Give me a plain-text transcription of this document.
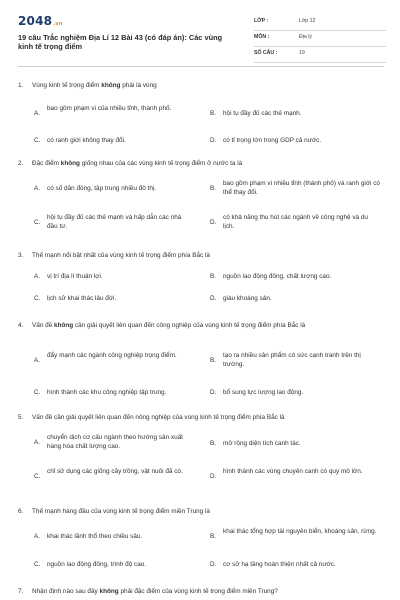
2048.vn
19 câu Trắc nghiệm Địa Lí 12 Bài 43 (có đáp án): Các vùng kinh tế trọng điểm
LỚP :	Lớp 12
MÔN :	Địa lý
SỐ CÂU :	19
1. Vùng kinh tế trọng điểm không phải là vùng
A.
bao gồm phạm vi của nhiều tỉnh, thành phố.
B. hội tụ đầy đủ các thế mạnh.
C. có ranh giới không thay đổi.	D. có tỉ trọng lớn trong GDP cả nước.
2. Đặc điểm không giống nhau của các vùng kinh tế trọng điểm ở nước ta là
A. có số dân đông, tập trung nhiều đô thị.	B.
bao gồm phạm vi nhiều tỉnh (thành phố) và ranh giới có thể thay đổi.
C.
hội tụ đầy đủ các thế mạnh và hấp dẫn các nhà đầu tư.	D.
có khả năng thu hút các ngành về công nghệ và du lịch.
3. Thế mạnh nổi bật nhất của vùng kinh tế trọng điểm phía Bắc là
A. vị trí địa lí thuận lợi.	B. nguồn lao động đông, chất lượng cao.
C. lịch sử khai thác lâu đời.	D. giàu khoáng sản.
4. Vấn đề không cần giải quyết liên quan đến công nghiệp của vùng kinh tế trọng điểm phía Bắc là
A.
đẩy mạnh các ngành công nghiệp trọng điểm.
B.
tạo ra nhiều sản phẩm có sức cạnh tranh trên thị trường.
C. hình thành các khu công nghiệp tập trung.	D. bổ sung lực lượng lao động.
5. Vấn đề cần giải quyết liên quan đến nông nghiệp của vùng kinh tế trọng điểm phía Bắc là
A.
chuyển dịch cơ cấu ngành theo hướng sản xuất hàng hóa chất lượng cao.	B. mở rộng diện tích canh tác.
C.
chỉ sử dụng các giống cây trồng, vật nuôi đã có.
D.
hình thành các vùng chuyên canh có quy mô lớn.
6. Thế mạnh hàng đầu của vùng kinh tế trọng điểm miền Trung là
A. khai thác lãnh thổ theo chiều sâu.	B.
khai thác tổng hợp tài nguyên biển, khoáng sản, rừng.
C. nguồn lao động đông, trình độ cao.	D. cơ sở hạ tầng hoàn thiện nhất cả nước.
7. Nhận định nào sau đây không phải đặc điểm của vùng kinh tế trọng điểm miền Trung?
